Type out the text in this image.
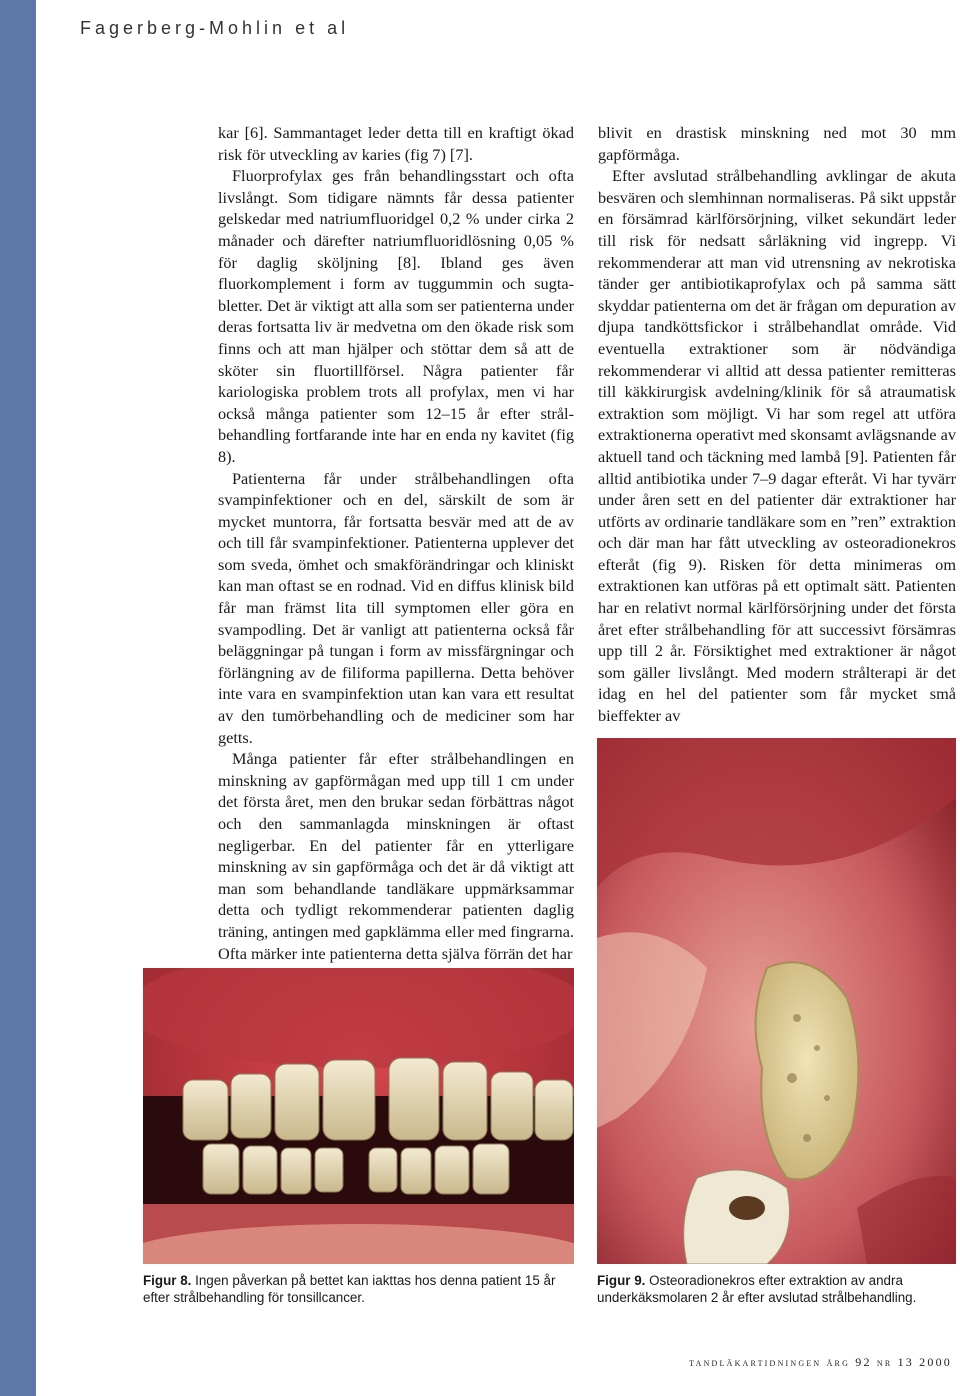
Fagerberg-Mohlin et al

kar [6]. Sammantaget leder detta till en kraftigt ökad risk för utveckling av karies (fig 7) [7].

Fluorprofylax ges från behandlingsstart och ofta livslångt. Som tidigare nämnts får dessa patienter gelskedar med natriumfluoridgel 0,2 % under cirka 2 månader och därefter natriumfluoridlösning 0,05 % för daglig sköljning [8]. Ibland ges även fluorkomplement i form av tuggummin och sugtabletter. Det är viktigt att alla som ser patienterna under deras fortsatta liv är medvetna om den ökade risk som finns och att man hjälper och stöttar dem så att de sköter sin fluortillförsel. Några patienter får kariologiska problem trots all profylax, men vi har också många patienter som 12–15 år efter strålbehandling fortfarande inte har en enda ny kavitet (fig 8).

Patienterna får under strålbehandlingen ofta svampinfektioner och en del, särskilt de som är mycket muntorra, får fortsatta besvär med att de av och till får svampinfektioner. Patienterna upplever det som sveda, ömhet och smakförändringar och kliniskt kan man oftast se en rodnad. Vid en diffus klinisk bild får man främst lita till symptomen eller göra en svampodling. Det är vanligt att patienterna också får beläggningar på tungan i form av missfärgningar och förlängning av de filiforma papillerna. Detta behöver inte vara en svampinfektion utan kan vara ett resultat av den tumörbehandling och de mediciner som har getts.

Många patienter får efter strålbehandlingen en minskning av gapförmågan med upp till 1 cm under det första året, men den brukar sedan förbättras något och den sammanlagda minskningen är oftast negligerbar. En del patienter får en ytterligare minskning av sin gapförmåga och det är då viktigt att man som behandlande tandläkare uppmärksammar detta och tydligt rekommenderar patienten daglig träning, antingen med gapklämma eller med fingrarna. Ofta märker inte patienterna detta själva förrän det har

blivit en drastisk minskning ned mot 30 mm gapförmåga.

Efter avslutad strålbehandling avklingar de akuta besvären och slemhinnan normaliseras. På sikt uppstår en försämrad kärlförsörjning, vilket sekundärt leder till risk för nedsatt sårläkning vid ingrepp. Vi rekommenderar att man vid utrensning av nekrotiska tänder ger antibiotikaprofylax och på samma sätt skyddar patienterna om det är frågan om depuration av djupa tandköttsfickor i strålbehandlat område. Vid eventuella extraktioner som är nödvändiga rekommenderar vi alltid att dessa patienter remitteras till käkkirurgisk avdelning/klinik för så atraumatisk extraktion som möjligt. Vi har som regel att utföra extraktionerna operativt med skonsamt avlägsnande av aktuell tand och täckning med lambå [9]. Patienten får alltid antibiotika under 7–9 dagar efteråt. Vi har tyvärr under åren sett en del patienter där extraktioner har utförts av ordinarie tandläkare som en ”ren” extraktion och där man har fått utveckling av osteoradionekros efteråt (fig 9). Risken för detta minimeras om extraktionen kan utföras på ett optimalt sätt. Patienten har en relativt normal kärlförsörjning under det första året efter strålbehandling för att successivt försämras upp till 2 år. Försiktighet med extraktioner är något som gäller livslångt. Med modern strålterapi är det idag en hel del patienter som får mycket små bieffekter av

Figur 8. Ingen påverkan på bettet kan iakttas hos denna patient 15 år efter strålbehandling för tonsillcancer.

Figur 9. Osteoradionekros efter extraktion av andra underkäksmolaren 2 år efter avslutad strålbehandling.

tandläkartidningen årg 92 nr 13 2000
